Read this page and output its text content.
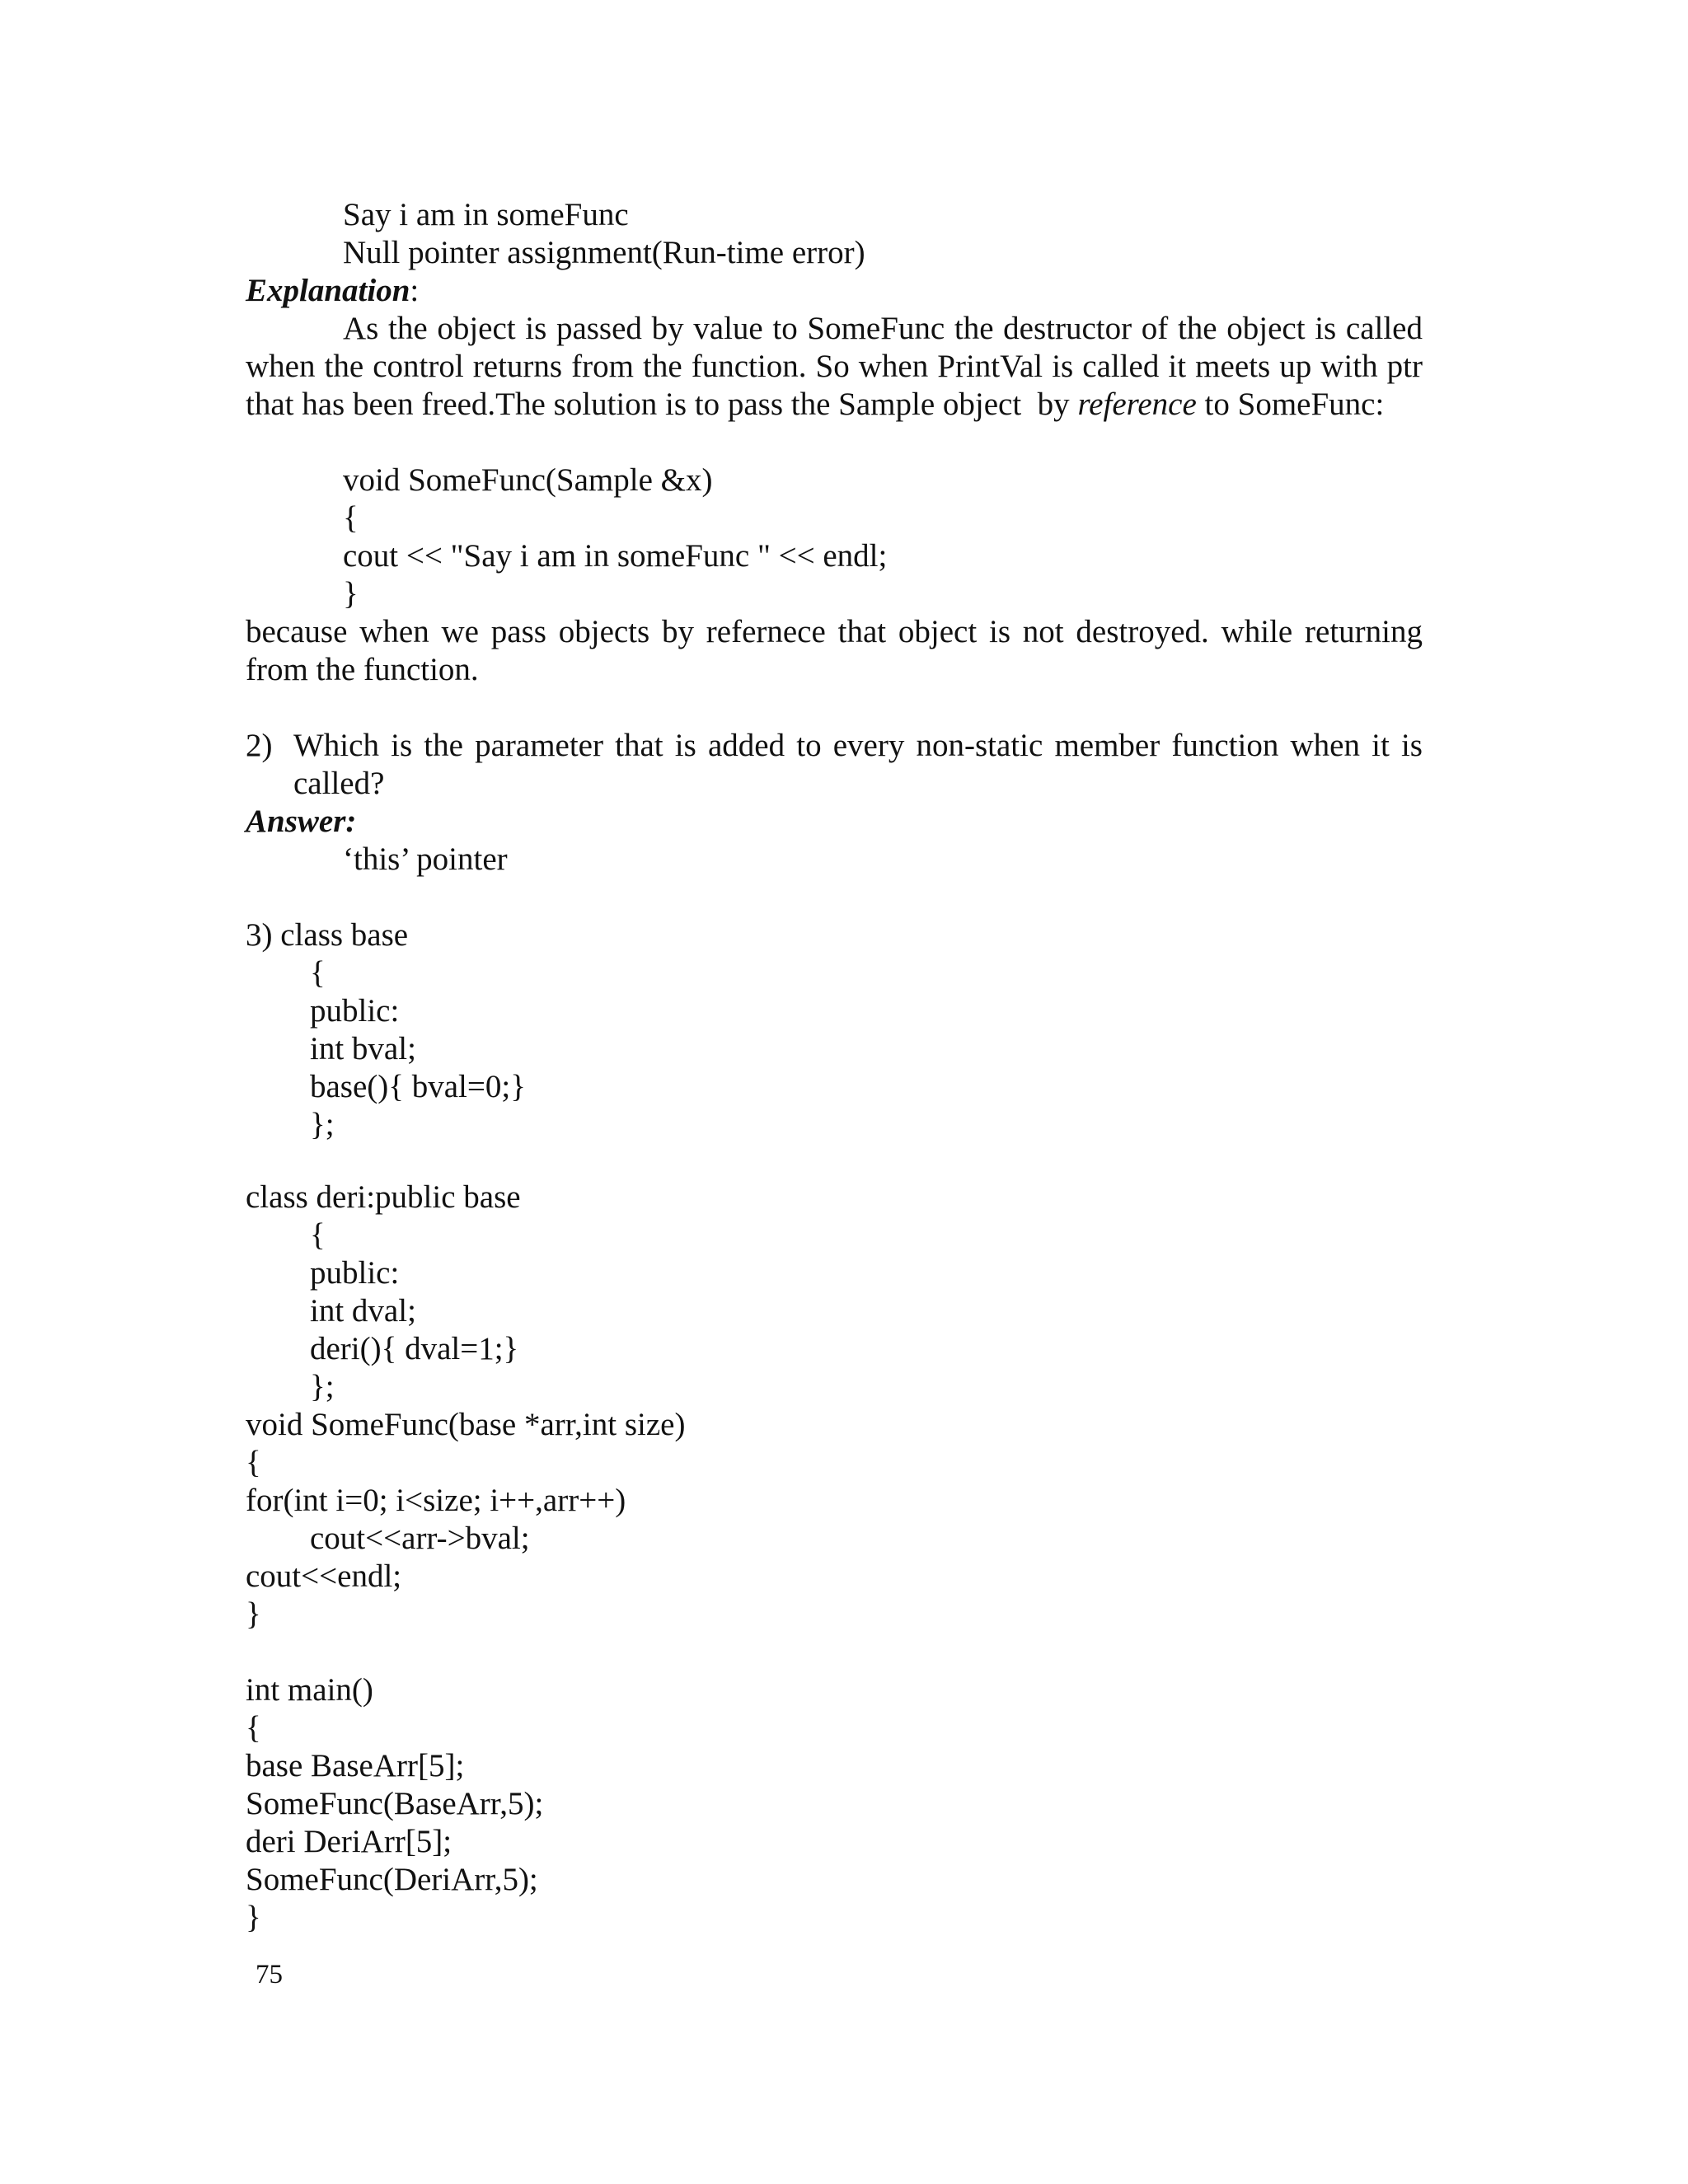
Say i am in someFunc
Null pointer assignment(Run-time error)
Explanation:
As the object is passed by value to SomeFunc the destructor of the object is called
when the control returns from the function. So when PrintVal is called it meets up with ptr
that has been freed.The solution is to pass the Sample object  by reference to SomeFunc:
void SomeFunc(Sample &x)
{
cout << "Say i am in someFunc " << endl;
}
because when we pass objects by refernece that object is not destroyed. while returning
from the function.
2) Which is the parameter that is added to every non-static member function when it is
called?
Answer:
‘this’ pointer
3) class base
{
public:
int bval;
base(){ bval=0;}
};
class deri:public base
{
public:
int dval;
deri(){ dval=1;}
};
void SomeFunc(base *arr,int size)
{
for(int i=0; i<size; i++,arr++)
cout<<arr->bval;
cout<<endl;
}
int main()
{
base BaseArr[5];
SomeFunc(BaseArr,5);
deri DeriArr[5];
SomeFunc(DeriArr,5);
}
75
